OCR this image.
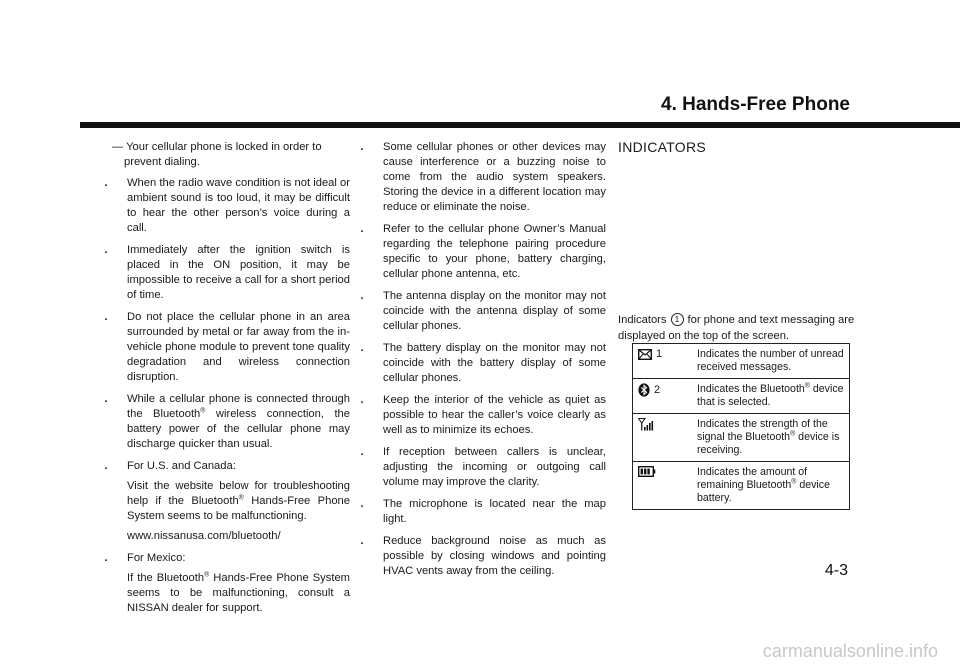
4. Hands-Free Phone

— Your cellular phone is locked in order to prevent dialing.

.	When the radio wave condition is not ideal or ambient sound is too loud, it may be difficult to hear the other person’s voice during a call.

.	Immediately after the ignition switch is placed in the ON position, it may be impossible to receive a call for a short period of time.

.	Do not place the cellular phone in an area surrounded by metal or far away from the in-vehicle phone module to prevent tone quality degradation and wireless connection disruption.

.	While a cellular phone is connected through the Bluetooth® wireless connection, the battery power of the cellular phone may discharge quicker than usual.

.	For U.S. and Canada:

Visit the website below for troubleshooting help if the Bluetooth® Hands-Free Phone System seems to be malfunctioning.

www.nissanusa.com/bluetooth/

.	For Mexico:

If the Bluetooth® Hands-Free Phone System seems to be malfunctioning, consult a NISSAN dealer for support.

.	Some cellular phones or other devices may cause interference or a buzzing noise to come from the audio system speakers. Storing the device in a different location may reduce or eliminate the noise.

.	Refer to the cellular phone Owner’s Manual regarding the telephone pairing procedure specific to your phone, battery charging, cellular phone antenna, etc.

.	The antenna display on the monitor may not coincide with the antenna display of some cellular phones.

.	The battery display on the monitor may not coincide with the battery display of some cellular phones.

.	Keep the interior of the vehicle as quiet as possible to hear the caller’s voice clearly as well as to minimize its echoes.

.	If reception between callers is unclear, adjusting the incoming or outgoing call volume may improve the clarity.

.	The microphone is located near the map light.

.	Reduce background noise as much as possible by closing windows and pointing HVAC vents away from the ceiling.

INDICATORS
Indicators 1 for phone and text messaging are displayed on the top of the screen.
1	Indicates the number of unread received messages.

2	Indicates the Bluetooth® device that is selected.

	Indicates the strength of the signal the Bluetooth® device is receiving.

	Indicates the amount of remaining Bluetooth® device battery.
4-3
carmanualsonline.info
